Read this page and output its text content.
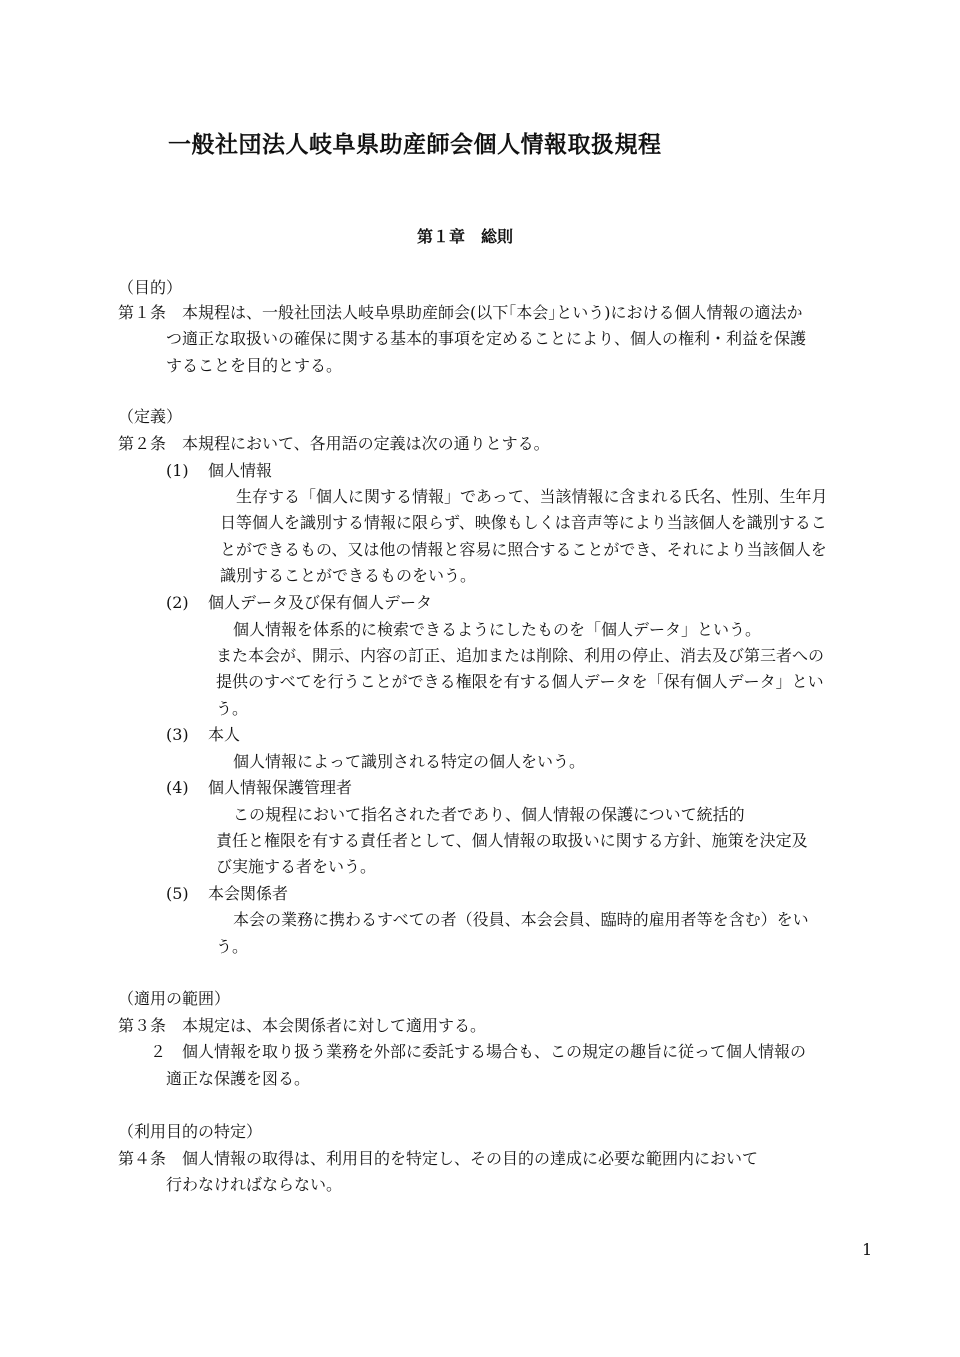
一般社団法人岐阜県助産師会個人情報取扱規程
第１章　総則
（目的）
第１条　本規程は、一般社団法人岐阜県助産師会(以下｢本会｣という)における個人情報の適法か
つ適正な取扱いの確保に関する基本的事項を定めることにより、個人の権利・利益を保護
することを目的とする。
（定義）
第２条　本規程において、各用語の定義は次の通りとする。
(1) 個人情報
生存する「個人に関する情報」であって、当該情報に含まれる氏名、性別、生年月
日等個人を識別する情報に限らず、映像もしくは音声等により当該個人を識別するこ
とができるもの、又は他の情報と容易に照合することができ、それにより当該個人を
識別することができるものをいう。
(2) 個人データ及び保有個人データ
個人情報を体系的に検索できるようにしたものを「個人データ」という。
また本会が、開示、内容の訂正、追加または削除、利用の停止、消去及び第三者への
提供のすべてを行うことができる権限を有する個人データを「保有個人データ」とい
う。
(3) 本人
個人情報によって識別される特定の個人をいう。
(4) 個人情報保護管理者
この規程において指名された者であり、個人情報の保護について統括的
責任と権限を有する責任者として、個人情報の取扱いに関する方針、施策を決定及
び実施する者をいう。
(5) 本会関係者
本会の業務に携わるすべての者（役員、本会会員、臨時的雇用者等を含む）をい
う。
（適用の範囲）
第３条　本規定は、本会関係者に対して適用する。
２　個人情報を取り扱う業務を外部に委託する場合も、この規定の趣旨に従って個人情報の
適正な保護を図る。
（利用目的の特定）
第４条　個人情報の取得は、利用目的を特定し、その目的の達成に必要な範囲内において
行わなければならない。
1
